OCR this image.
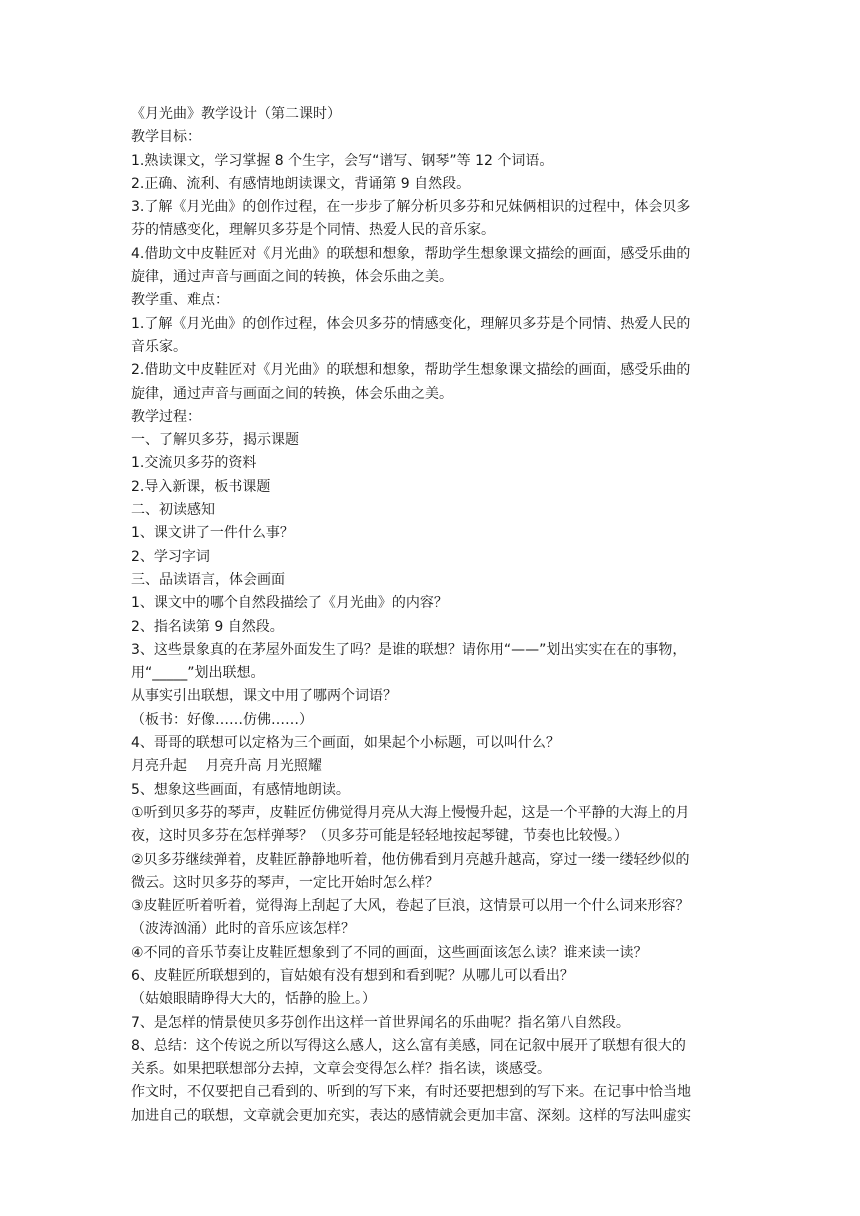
《月光曲》教学设计（第二课时）
教学目标：
1.熟读课文，学习掌握 8 个生字，会写“谱写、钢琴”等 12 个词语。
2.正确、流利、有感情地朗读课文，背诵第 9 自然段。
3.了解《月光曲》的创作过程，在一步步了解分析贝多芬和兄妹俩相识的过程中，体会贝多
芬的情感变化，理解贝多芬是个同情、热爱人民的音乐家。
4.借助文中皮鞋匠对《月光曲》的联想和想象，帮助学生想象课文描绘的画面，感受乐曲的
旋律，通过声音与画面之间的转换，体会乐曲之美。
教学重、难点：
1.了解《月光曲》的创作过程，体会贝多芬的情感变化，理解贝多芬是个同情、热爱人民的
音乐家。
2.借助文中皮鞋匠对《月光曲》的联想和想象，帮助学生想象课文描绘的画面，感受乐曲的
旋律，通过声音与画面之间的转换，体会乐曲之美。
教学过程：
一、了解贝多芬，揭示课题
1.交流贝多芬的资料
2.导入新课，板书课题
二、初读感知
1、课文讲了一件什么事？
2、学习字词
三、品读语言，体会画面
1、课文中的哪个自然段描绘了《月光曲》的内容？
2、指名读第 9 自然段。
3、这些景象真的在茅屋外面发生了吗？是谁的联想？请你用“——”划出实实在在的事物，
用“_____”划出联想。
从事实引出联想，课文中用了哪两个词语？
（板书：好像……仿佛……）
4、哥哥的联想可以定格为三个画面，如果起个小标题，可以叫什么？
月亮升起　 月亮升高 月光照耀
5、想象这些画面，有感情地朗读。
①听到贝多芬的琴声，皮鞋匠仿佛觉得月亮从大海上慢慢升起，这是一个平静的大海上的月
夜，这时贝多芬在怎样弹琴？（贝多芬可能是轻轻地按起琴键，节奏也比较慢。）
②贝多芬继续弹着，皮鞋匠静静地听着，他仿佛看到月亮越升越高，穿过一缕一缕轻纱似的
微云。这时贝多芬的琴声，一定比开始时怎么样？
③皮鞋匠听着听着，觉得海上刮起了大风，卷起了巨浪，这情景可以用一个什么词来形容？
（波涛汹涌）此时的音乐应该怎样？
④不同的音乐节奏让皮鞋匠想象到了不同的画面，这些画面该怎么读？谁来读一读？
6、皮鞋匠所联想到的，盲姑娘有没有想到和看到呢？从哪儿可以看出？
（姑娘眼睛睁得大大的，恬静的脸上。）
7、是怎样的情景使贝多芬创作出这样一首世界闻名的乐曲呢？指名第八自然段。
8、总结：这个传说之所以写得这么感人，这么富有美感，同在记叙中展开了联想有很大的
关系。如果把联想部分去掉，文章会变得怎么样？指名读，谈感受。
作文时，不仅要把自己看到的、听到的写下来，有时还要把想到的写下来。在记事中恰当地
加进自己的联想，文章就会更加充实，表达的感情就会更加丰富、深刻。这样的写法叫虚实
